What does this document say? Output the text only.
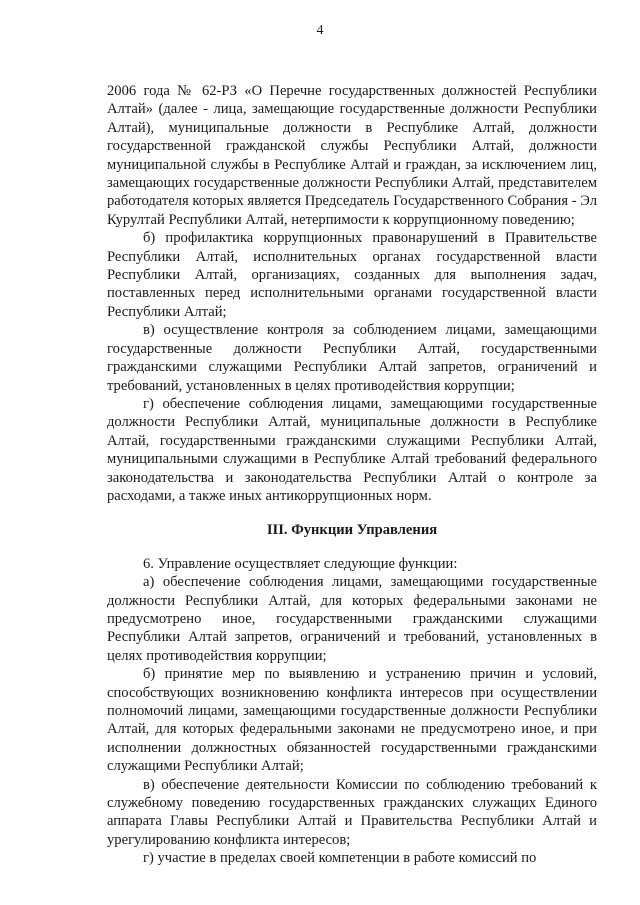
4

2006 года № 62-РЗ «О Перечне государственных должностей Республики Алтай» (далее - лица, замещающие государственные должности Республики Алтай), муниципальные должности в Республике Алтай, должности государственной гражданской службы Республики Алтай, должности муниципальной службы в Республике Алтай и граждан, за исключением лиц, замещающих государственные должности Республики Алтай, представителем работодателя которых является Председатель Государственного Собрания - Эл Курултай Республики Алтай, нетерпимости к коррупционному поведению;

б) профилактика коррупционных правонарушений в Правительстве Республики Алтай, исполнительных органах государственной власти Республики Алтай, организациях, созданных для выполнения задач, поставленных перед исполнительными органами государственной власти Республики Алтай;

в) осуществление контроля за соблюдением лицами, замещающими государственные должности Республики Алтай, государственными гражданскими служащими Республики Алтай запретов, ограничений и требований, установленных в целях противодействия коррупции;

г) обеспечение соблюдения лицами, замещающими государственные должности Республики Алтай, муниципальные должности в Республике Алтай, государственными гражданскими служащими Республики Алтай, муниципальными служащими в Республике Алтай требований федерального законодательства и законодательства Республики Алтай о контроле за расходами, а также иных антикоррупционных норм.

III. Функции Управления

6. Управление осуществляет следующие функции:

а) обеспечение соблюдения лицами, замещающими государственные должности Республики Алтай, для которых федеральными законами не предусмотрено иное, государственными гражданскими служащими Республики Алтай запретов, ограничений и требований, установленных в целях противодействия коррупции;

б) принятие мер по выявлению и устранению причин и условий, способствующих возникновению конфликта интересов при осуществлении полномочий лицами, замещающими государственные должности Республики Алтай, для которых федеральными законами не предусмотрено иное, и при исполнении должностных обязанностей государственными гражданскими служащими Республики Алтай;

в) обеспечение деятельности Комиссии по соблюдению требований к служебному поведению государственных гражданских служащих Единого аппарата Главы Республики Алтай и Правительства Республики Алтай и урегулированию конфликта интересов;

г) участие в пределах своей компетенции в работе комиссий по
